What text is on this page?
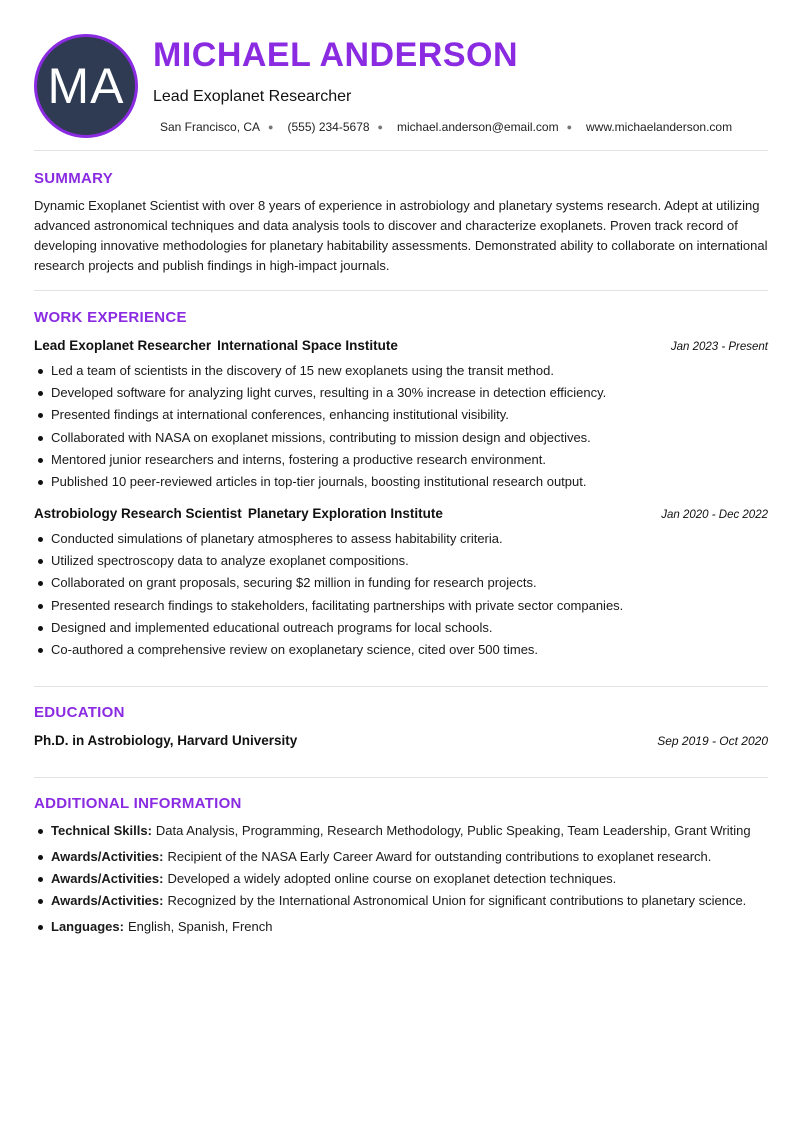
MA
MICHAEL ANDERSON
Lead Exoplanet Researcher
San Francisco, CA ● (555) 234-5678 ● michael.anderson@email.com ● www.michaelanderson.com
SUMMARY
Dynamic Exoplanet Scientist with over 8 years of experience in astrobiology and planetary systems research. Adept at utilizing advanced astronomical techniques and data analysis tools to discover and characterize exoplanets. Proven track record of developing innovative methodologies for planetary habitability assessments. Demonstrated ability to collaborate on international research projects and publish findings in high-impact journals.
WORK EXPERIENCE
Lead Exoplanet Researcher International Space Institute	Jan 2023 - Present
Led a team of scientists in the discovery of 15 new exoplanets using the transit method.
Developed software for analyzing light curves, resulting in a 30% increase in detection efficiency.
Presented findings at international conferences, enhancing institutional visibility.
Collaborated with NASA on exoplanet missions, contributing to mission design and objectives.
Mentored junior researchers and interns, fostering a productive research environment.
Published 10 peer-reviewed articles in top-tier journals, boosting institutional research output.
Astrobiology Research Scientist Planetary Exploration Institute	Jan 2020 - Dec 2022
Conducted simulations of planetary atmospheres to assess habitability criteria.
Utilized spectroscopy data to analyze exoplanet compositions.
Collaborated on grant proposals, securing $2 million in funding for research projects.
Presented research findings to stakeholders, facilitating partnerships with private sector companies.
Designed and implemented educational outreach programs for local schools.
Co-authored a comprehensive review on exoplanetary science, cited over 500 times.
EDUCATION
Ph.D. in Astrobiology, Harvard University	Sep 2019 - Oct 2020
ADDITIONAL INFORMATION
Technical Skills: Data Analysis, Programming, Research Methodology, Public Speaking, Team Leadership, Grant Writing
Awards/Activities: Recipient of the NASA Early Career Award for outstanding contributions to exoplanet research.
Awards/Activities: Developed a widely adopted online course on exoplanet detection techniques.
Awards/Activities: Recognized by the International Astronomical Union for significant contributions to planetary science.
Languages: English, Spanish, French
